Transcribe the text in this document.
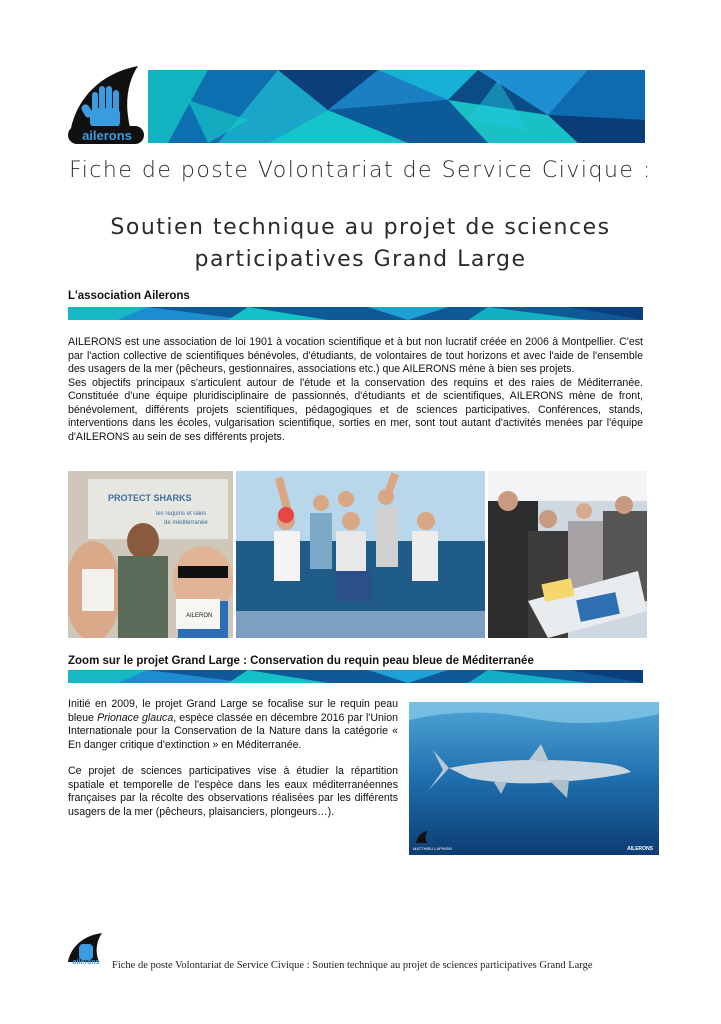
ailerons
Fiche de poste Volontariat de Service Civique :
Soutien technique au projet de sciences
participatives Grand Large
L'association Ailerons

AILERONS est une association de loi 1901 à vocation scientifique et à but non lucratif créée en 2006 à Montpellier. C'est par l'action collective de scientifiques bénévoles, d'étudiants, de volontaires de tout horizons et avec l'aide de l'ensemble des usagers de la mer (pêcheurs, gestionnaires, associations etc.) que AILERONS mène à bien ses projets.

Ses objectifs principaux s'articulent autour de l'étude et la conservation des requins et des raies de Méditerranée. Constituée d'une équipe pluridisciplinaire de passionnés, d'étudiants et de scientifiques, AILERONS mène de front, bénévolement, différents projets scientifiques, pédagogiques et de sciences participatives. Conférences, stands, interventions dans les écoles, vulgarisation scientifique, sorties en mer, sont tout autant d'activités menées par l'équipe d'AILERONS au sein de ses différents projets.

PROTECT SHARKS
les requins et raies
de méditerranée
AILERON
Zoom sur le projet Grand Large : Conservation du requin peau bleue de Méditerranée

Initié en 2009, le projet Grand Large se focalise sur le requin peau bleue Prionace glauca, espèce classée en décembre 2016 par l'Union Internationale pour la Conservation de la Nature dans la catégorie « En danger critique d'extinction » en Méditerranée.

Ce projet de sciences participatives vise à étudier la répartition spatiale et temporelle de l'espèce dans les eaux méditerranéennes françaises par la récolte des observations réalisées par les différents usagers de la mer (pêcheurs, plaisanciers, plongeurs…).

MATTHIEU LAPINSKI	AILERONS
ailerons	Fiche de poste Volontariat de Service Civique : Soutien technique au projet de sciences participatives Grand Large
